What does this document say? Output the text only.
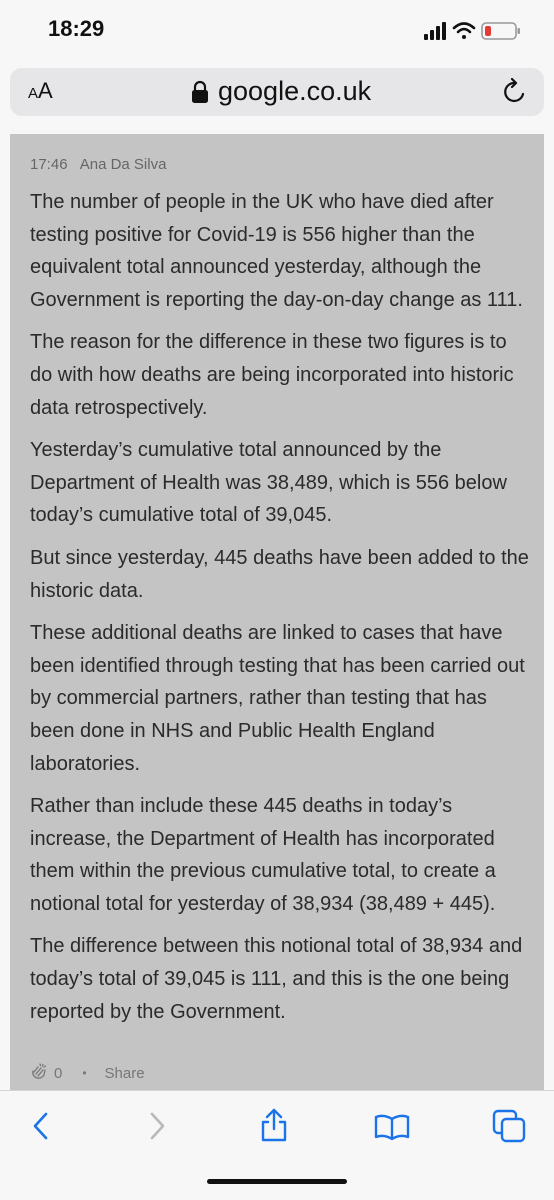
18:29
AA	google.co.uk
17:46 Ana Da Silva

The number of people in the UK who have died after testing positive for Covid-19 is 556 higher than the equivalent total announced yesterday, although the Government is reporting the day-on-day change as 111.

The reason for the difference in these two figures is to do with how deaths are being incorporated into historic data retrospectively.

Yesterday’s cumulative total announced by the Department of Health was 38,489, which is 556 below today’s cumulative total of 39,045.

But since yesterday, 445 deaths have been added to the historic data.

These additional deaths are linked to cases that have been identified through testing that has been carried out by commercial partners, rather than testing that has been done in NHS and Public Health England laboratories.

Rather than include these 445 deaths in today’s increase, the Department of Health has incorporated them within the previous cumulative total, to create a notional total for yesterday of 38,934 (38,489 + 445).

The difference between this notional total of 38,934 and today’s total of 39,045 is 111, and this is the one being reported by the Government.

0 • Share
